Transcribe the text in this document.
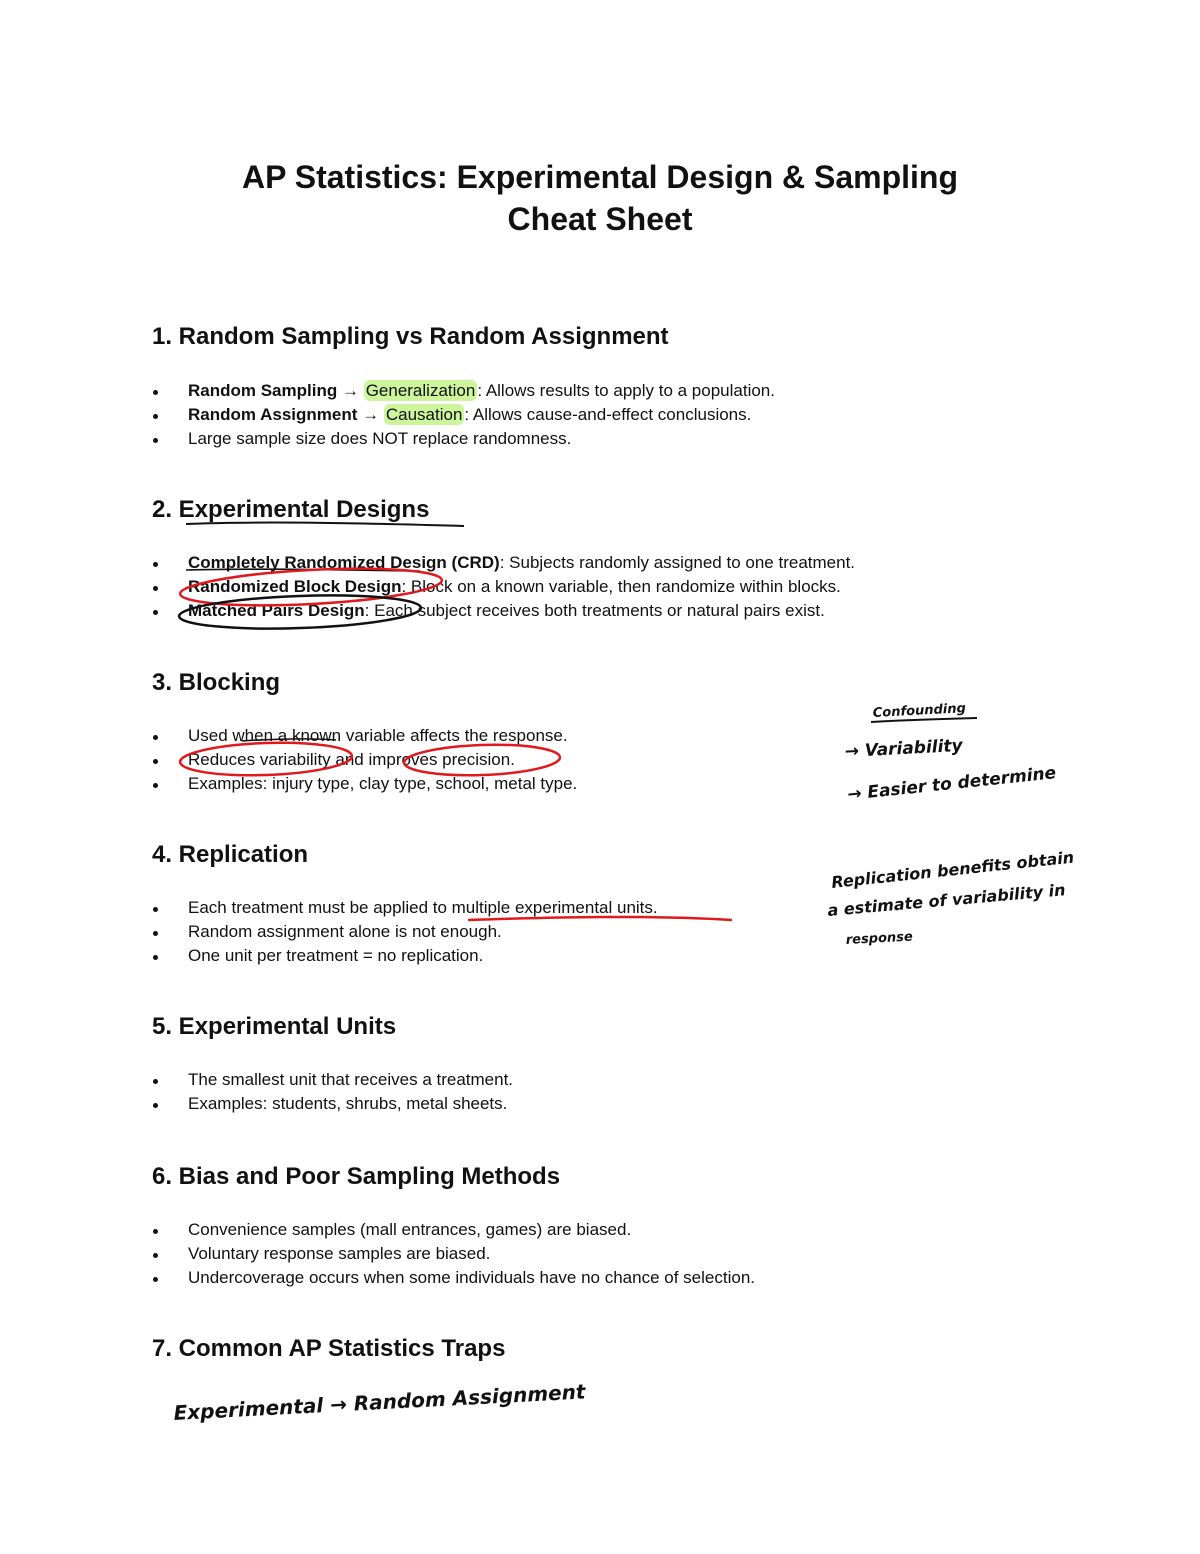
AP Statistics: Experimental Design & Sampling
Cheat Sheet
1. Random Sampling vs Random Assignment
Random Sampling → Generalization : Allows results to apply to a population.
Random Assignment → Causation : Allows cause-and-effect conclusions.
Large sample size does NOT replace randomness.
2. Experimental Designs
Completely Randomized Design (CRD): Subjects randomly assigned to one treatment.
Randomized Block Design: Block on a known variable, then randomize within blocks.
Matched Pairs Design: Each subject receives both treatments or natural pairs exist.
3. Blocking
Used when a known variable affects the response.
Reduces variability and improves precision.
Examples: injury type, clay type, school, metal type.
4. Replication
Each treatment must be applied to multiple experimental units.
Random assignment alone is not enough.
One unit per treatment = no replication.
5. Experimental Units
The smallest unit that receives a treatment.
Examples: students, shrubs, metal sheets.
6. Bias and Poor Sampling Methods
Convenience samples (mall entrances, games) are biased.
Voluntary response samples are biased.
Undercoverage occurs when some individuals have no chance of selection.
7. Common AP Statistics Traps
Confounding
→ Variability
→ Easier to determine
Replication benefits obtain
a estimate of variability in
response
Experimental → Random Assignment
